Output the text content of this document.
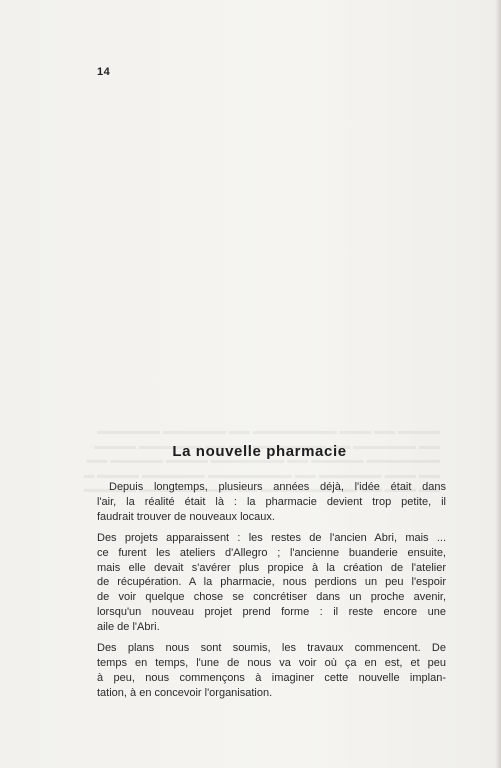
14
La nouvelle pharmacie
Depuis longtemps, plusieurs années déjà, l'idée était dans
l'air, la réalité était là : la pharmacie devient trop petite, il
faudrait trouver de nouveaux locaux.
Des projets apparaissent : les restes de l'ancien Abri, mais ...
ce furent les ateliers d'Allegro ; l'ancienne buanderie ensuite,
mais elle devait s'avérer plus propice à la création de l'atelier
de récupération. A la pharmacie, nous perdions un peu l'espoir
de voir quelque chose se concrétiser dans un proche avenir,
lorsqu'un nouveau projet prend forme : il reste encore une
aile de l'Abri.
Des plans nous sont soumis, les travaux commencent. De
temps en temps, l'une de nous va voir où ça en est, et peu
à peu, nous commençons à imaginer cette nouvelle implan-
tation, à en concevoir l'organisation.
